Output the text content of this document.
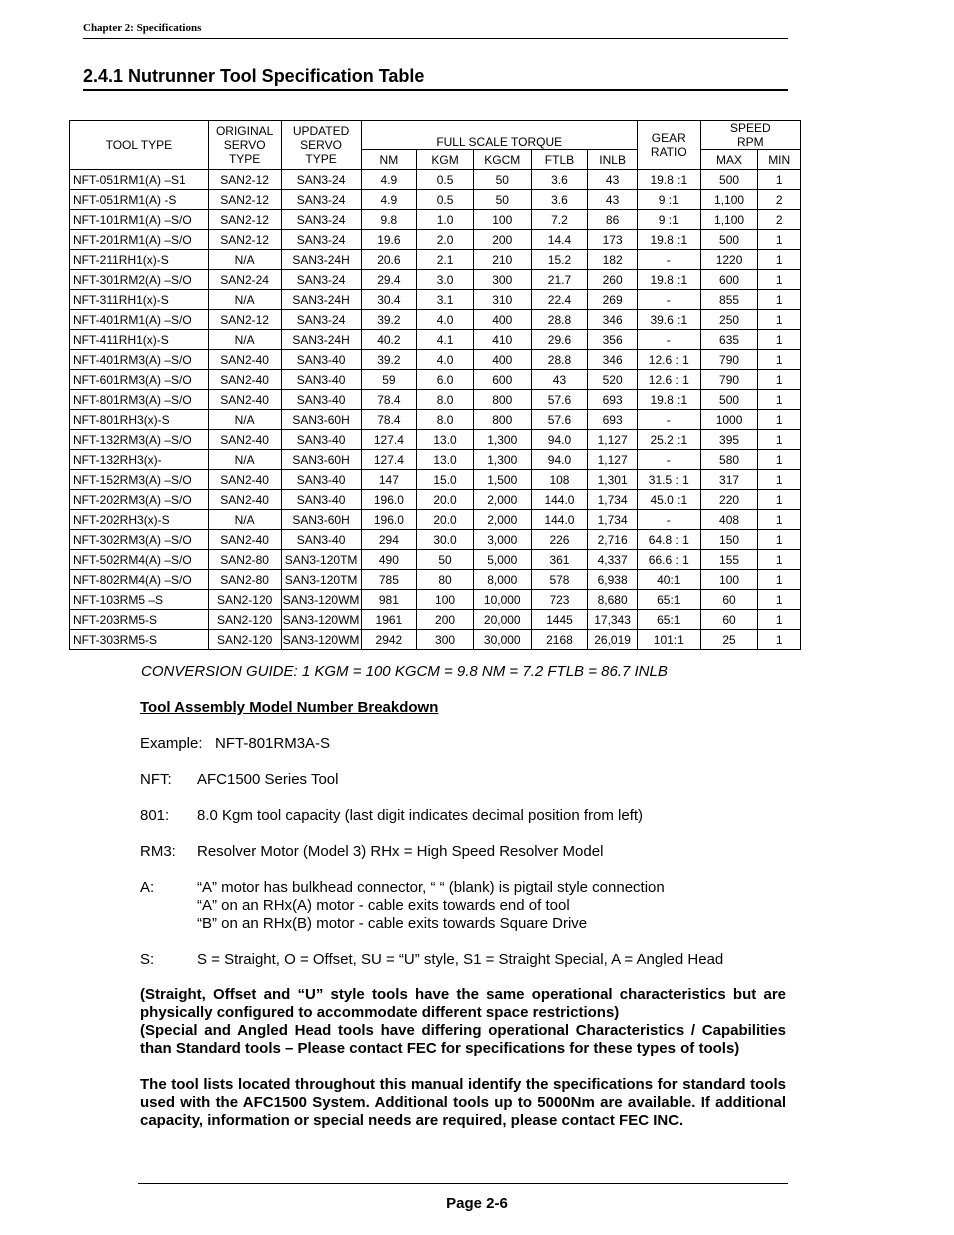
Chapter 2: Specifications
2.4.1 Nutrunner Tool Specification Table
TOOL TYPE	ORIGINAL
SERVO
TYPE	UPDATED
SERVO
TYPE	FULL SCALE TORQUE					GEAR
RATIO	SPEED
RPM	
			NM	KGM	KGCM	FTLB	INLB		MAX	MIN
NFT-051RM1(A) –S1	SAN2-12	SAN3-24	4.9	0.5	50	3.6	43	19.8 :1	500	1
NFT-051RM1(A) -S	SAN2-12	SAN3-24	4.9	0.5	50	3.6	43	9 :1	1,100	2
NFT-101RM1(A) –S/O	SAN2-12	SAN3-24	9.8	1.0	100	7.2	86	9 :1	1,100	2
NFT-201RM1(A) –S/O	SAN2-12	SAN3-24	19.6	2.0	200	14.4	173	19.8 :1	500	1
NFT-211RH1(x)-S	N/A	SAN3-24H	20.6	2.1	210	15.2	182	-	1220	1
NFT-301RM2(A) –S/O	SAN2-24	SAN3-24	29.4	3.0	300	21.7	260	19.8 :1	600	1
NFT-311RH1(x)-S	N/A	SAN3-24H	30.4	3.1	310	22.4	269	-	855	1
NFT-401RM1(A) –S/O	SAN2-12	SAN3-24	39.2	4.0	400	28.8	346	39.6 :1	250	1
NFT-411RH1(x)-S	N/A	SAN3-24H	40.2	4.1	410	29.6	356	-	635	1
NFT-401RM3(A) –S/O	SAN2-40	SAN3-40	39.2	4.0	400	28.8	346	12.6 : 1	790	1
NFT-601RM3(A) –S/O	SAN2-40	SAN3-40	59	6.0	600	43	520	12.6 : 1	790	1
NFT-801RM3(A) –S/O	SAN2-40	SAN3-40	78.4	8.0	800	57.6	693	19.8 :1	500	1
NFT-801RH3(x)-S	N/A	SAN3-60H	78.4	8.0	800	57.6	693	-	1000	1
NFT-132RM3(A) –S/O	SAN2-40	SAN3-40	127.4	13.0	1,300	94.0	1,127	25.2 :1	395	1
NFT-132RH3(x)-	N/A	SAN3-60H	127.4	13.0	1,300	94.0	1,127	-	580	1
NFT-152RM3(A) –S/O	SAN2-40	SAN3-40	147	15.0	1,500	108	1,301	31.5 : 1	317	1
NFT-202RM3(A) –S/O	SAN2-40	SAN3-40	196.0	20.0	2,000	144.0	1,734	45.0 :1	220	1
NFT-202RH3(x)-S	N/A	SAN3-60H	196.0	20.0	2,000	144.0	1,734	-	408	1
NFT-302RM3(A) –S/O	SAN2-40	SAN3-40	294	30.0	3,000	226	2,716	64.8 : 1	150	1
NFT-502RM4(A) –S/O	SAN2-80	SAN3-120TM	490	50	5,000	361	4,337	66.6 : 1	155	1
NFT-802RM4(A) –S/O	SAN2-80	SAN3-120TM	785	80	8,000	578	6,938	40:1	100	1
NFT-103RM5 –S	SAN2-120	SAN3-120WM	981	100	10,000	723	8,680	65:1	60	1
NFT-203RM5-S	SAN2-120	SAN3-120WM	1961	200	20,000	1445	17,343	65:1	60	1
NFT-303RM5-S	SAN2-120	SAN3-120WM	2942	300	30,000	2168	26,019	101:1	25	1
CONVERSION GUIDE: 1 KGM = 100 KGCM = 9.8 NM = 7.2 FTLB = 86.7 INLB
Tool Assembly Model Number Breakdown
Example:   NFT-801RM3A-S
NFT: AFC1500 Series Tool
801: 8.0 Kgm tool capacity (last digit indicates decimal position from left)
RM3: Resolver Motor (Model 3) RHx = High Speed Resolver Model
A:	“A” motor has bulkhead connector, “ “ (blank) is pigtail style connection
“A” on an RHx(A) motor - cable exits towards end of tool
“B” on an RHx(B) motor - cable exits towards Square Drive
S:	S = Straight, O = Offset, SU = “U” style, S1 = Straight Special, A = Angled Head
(Straight, Offset and “U” style tools have the same operational characteristics but are physically configured to accommodate different space restrictions)
(Special and Angled Head tools have differing operational Characteristics / Capabilities than Standard tools – Please contact FEC for specifications for these types of tools)
The tool lists located throughout this manual identify the specifications for standard tools used with the AFC1500 System. Additional tools up to 5000Nm are available. If additional capacity, information or special needs are required, please contact FEC INC.
Page 2-6
